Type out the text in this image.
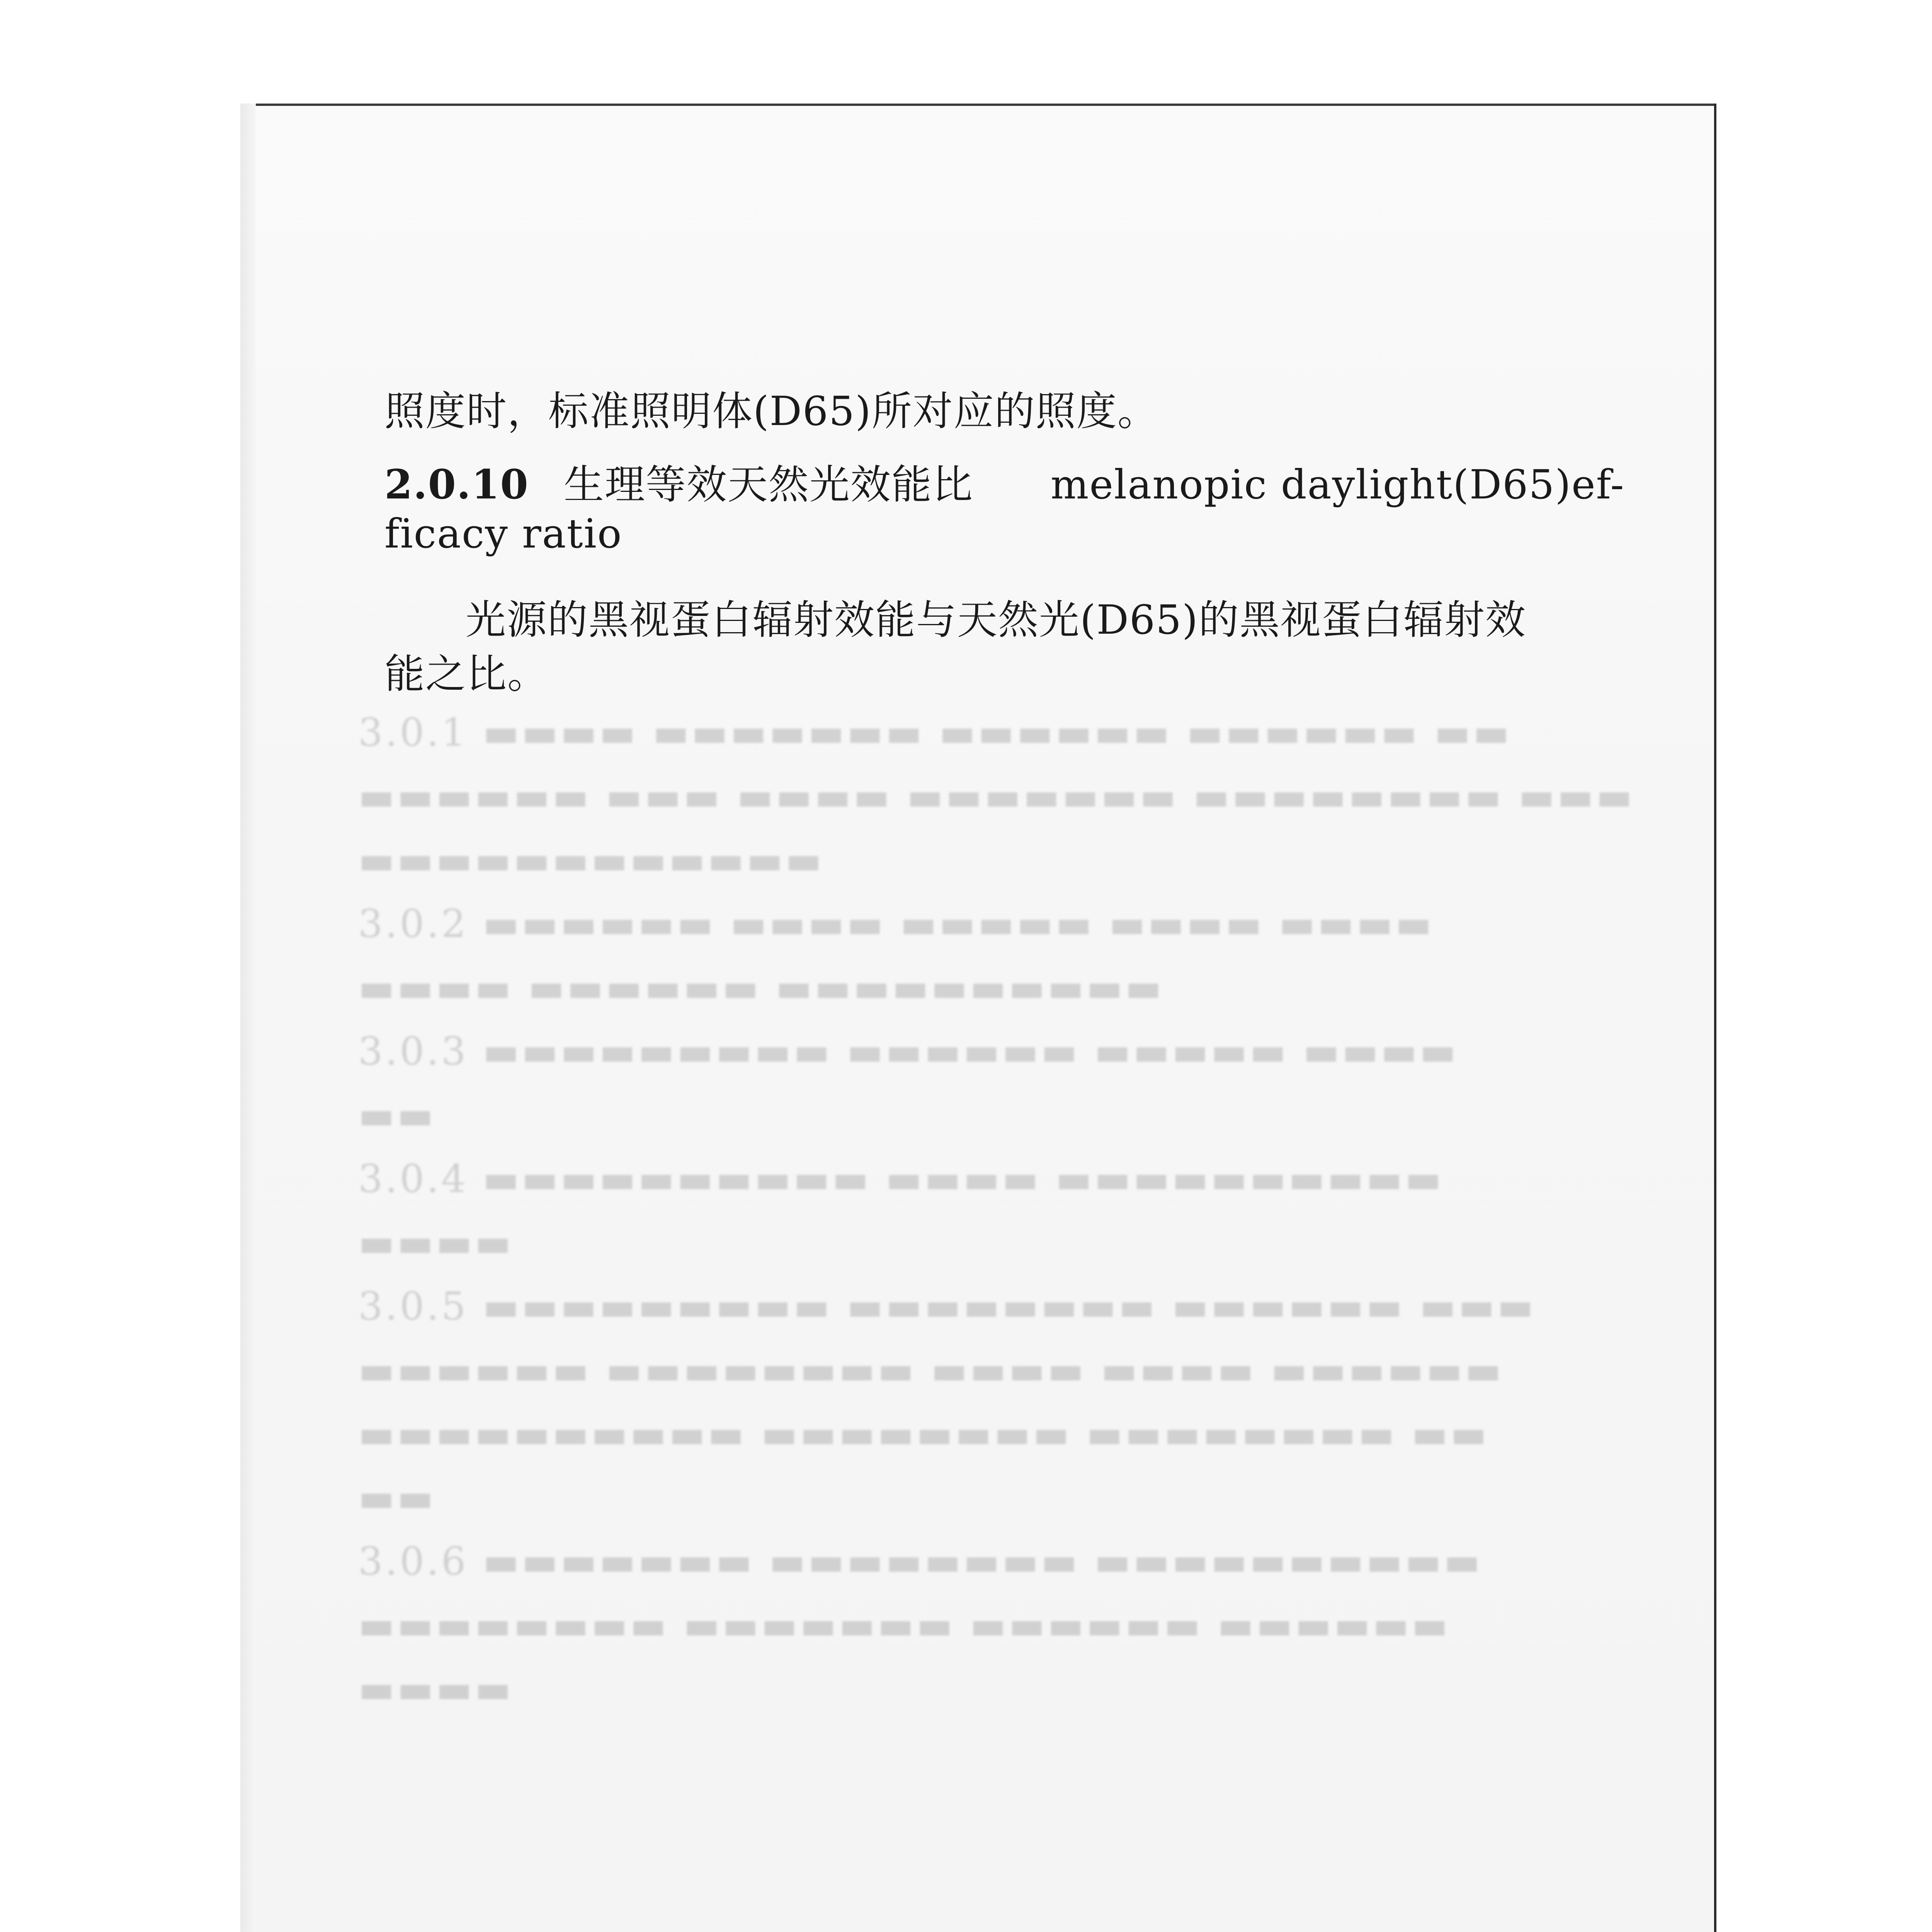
3.0.1 ▬▬▬▬ ▬▬▬▬▬▬▬ ▬▬▬▬▬▬ ▬▬▬▬▬▬ ▬▬
▬▬▬▬▬▬ ▬▬▬ ▬▬▬▬ ▬▬▬▬▬▬▬ ▬▬▬▬▬▬▬▬ ▬▬▬
▬▬▬▬▬▬▬▬▬▬▬▬
3.0.2 ▬▬▬▬▬▬ ▬▬▬▬ ▬▬▬▬▬ ▬▬▬▬ ▬▬▬▬
▬▬▬▬ ▬▬▬▬▬▬ ▬▬▬▬▬▬▬▬▬▬
3.0.3 ▬▬▬▬▬▬▬▬▬ ▬▬▬▬▬▬ ▬▬▬▬▬ ▬▬▬▬
▬▬
3.0.4 ▬▬▬▬▬▬▬▬▬▬ ▬▬▬▬ ▬▬▬▬▬▬▬▬▬▬
▬▬▬▬
3.0.5 ▬▬▬▬▬▬▬▬▬ ▬▬▬▬▬▬▬▬ ▬▬▬▬▬▬ ▬▬▬
▬▬▬▬▬▬ ▬▬▬▬▬▬▬▬ ▬▬▬▬ ▬▬▬▬ ▬▬▬▬▬▬
▬▬▬▬▬▬▬▬▬▬ ▬▬▬▬▬▬▬▬ ▬▬▬▬▬▬▬▬ ▬▬
▬▬
3.0.6 ▬▬▬▬▬▬▬ ▬▬▬▬▬▬▬▬ ▬▬▬▬▬▬▬▬▬▬
▬▬▬▬▬▬▬▬ ▬▬▬▬▬▬▬ ▬▬▬▬▬▬ ▬▬▬▬▬▬
▬▬▬▬
照度时，标准照明体(D65)所对应的照度。
2.0.10 生理等效天然光效能比 melanopic daylight(D65)ef-
ficacy ratio
光源的黑视蛋白辐射效能与天然光(D65)的黑视蛋白辐射效
能之比。
